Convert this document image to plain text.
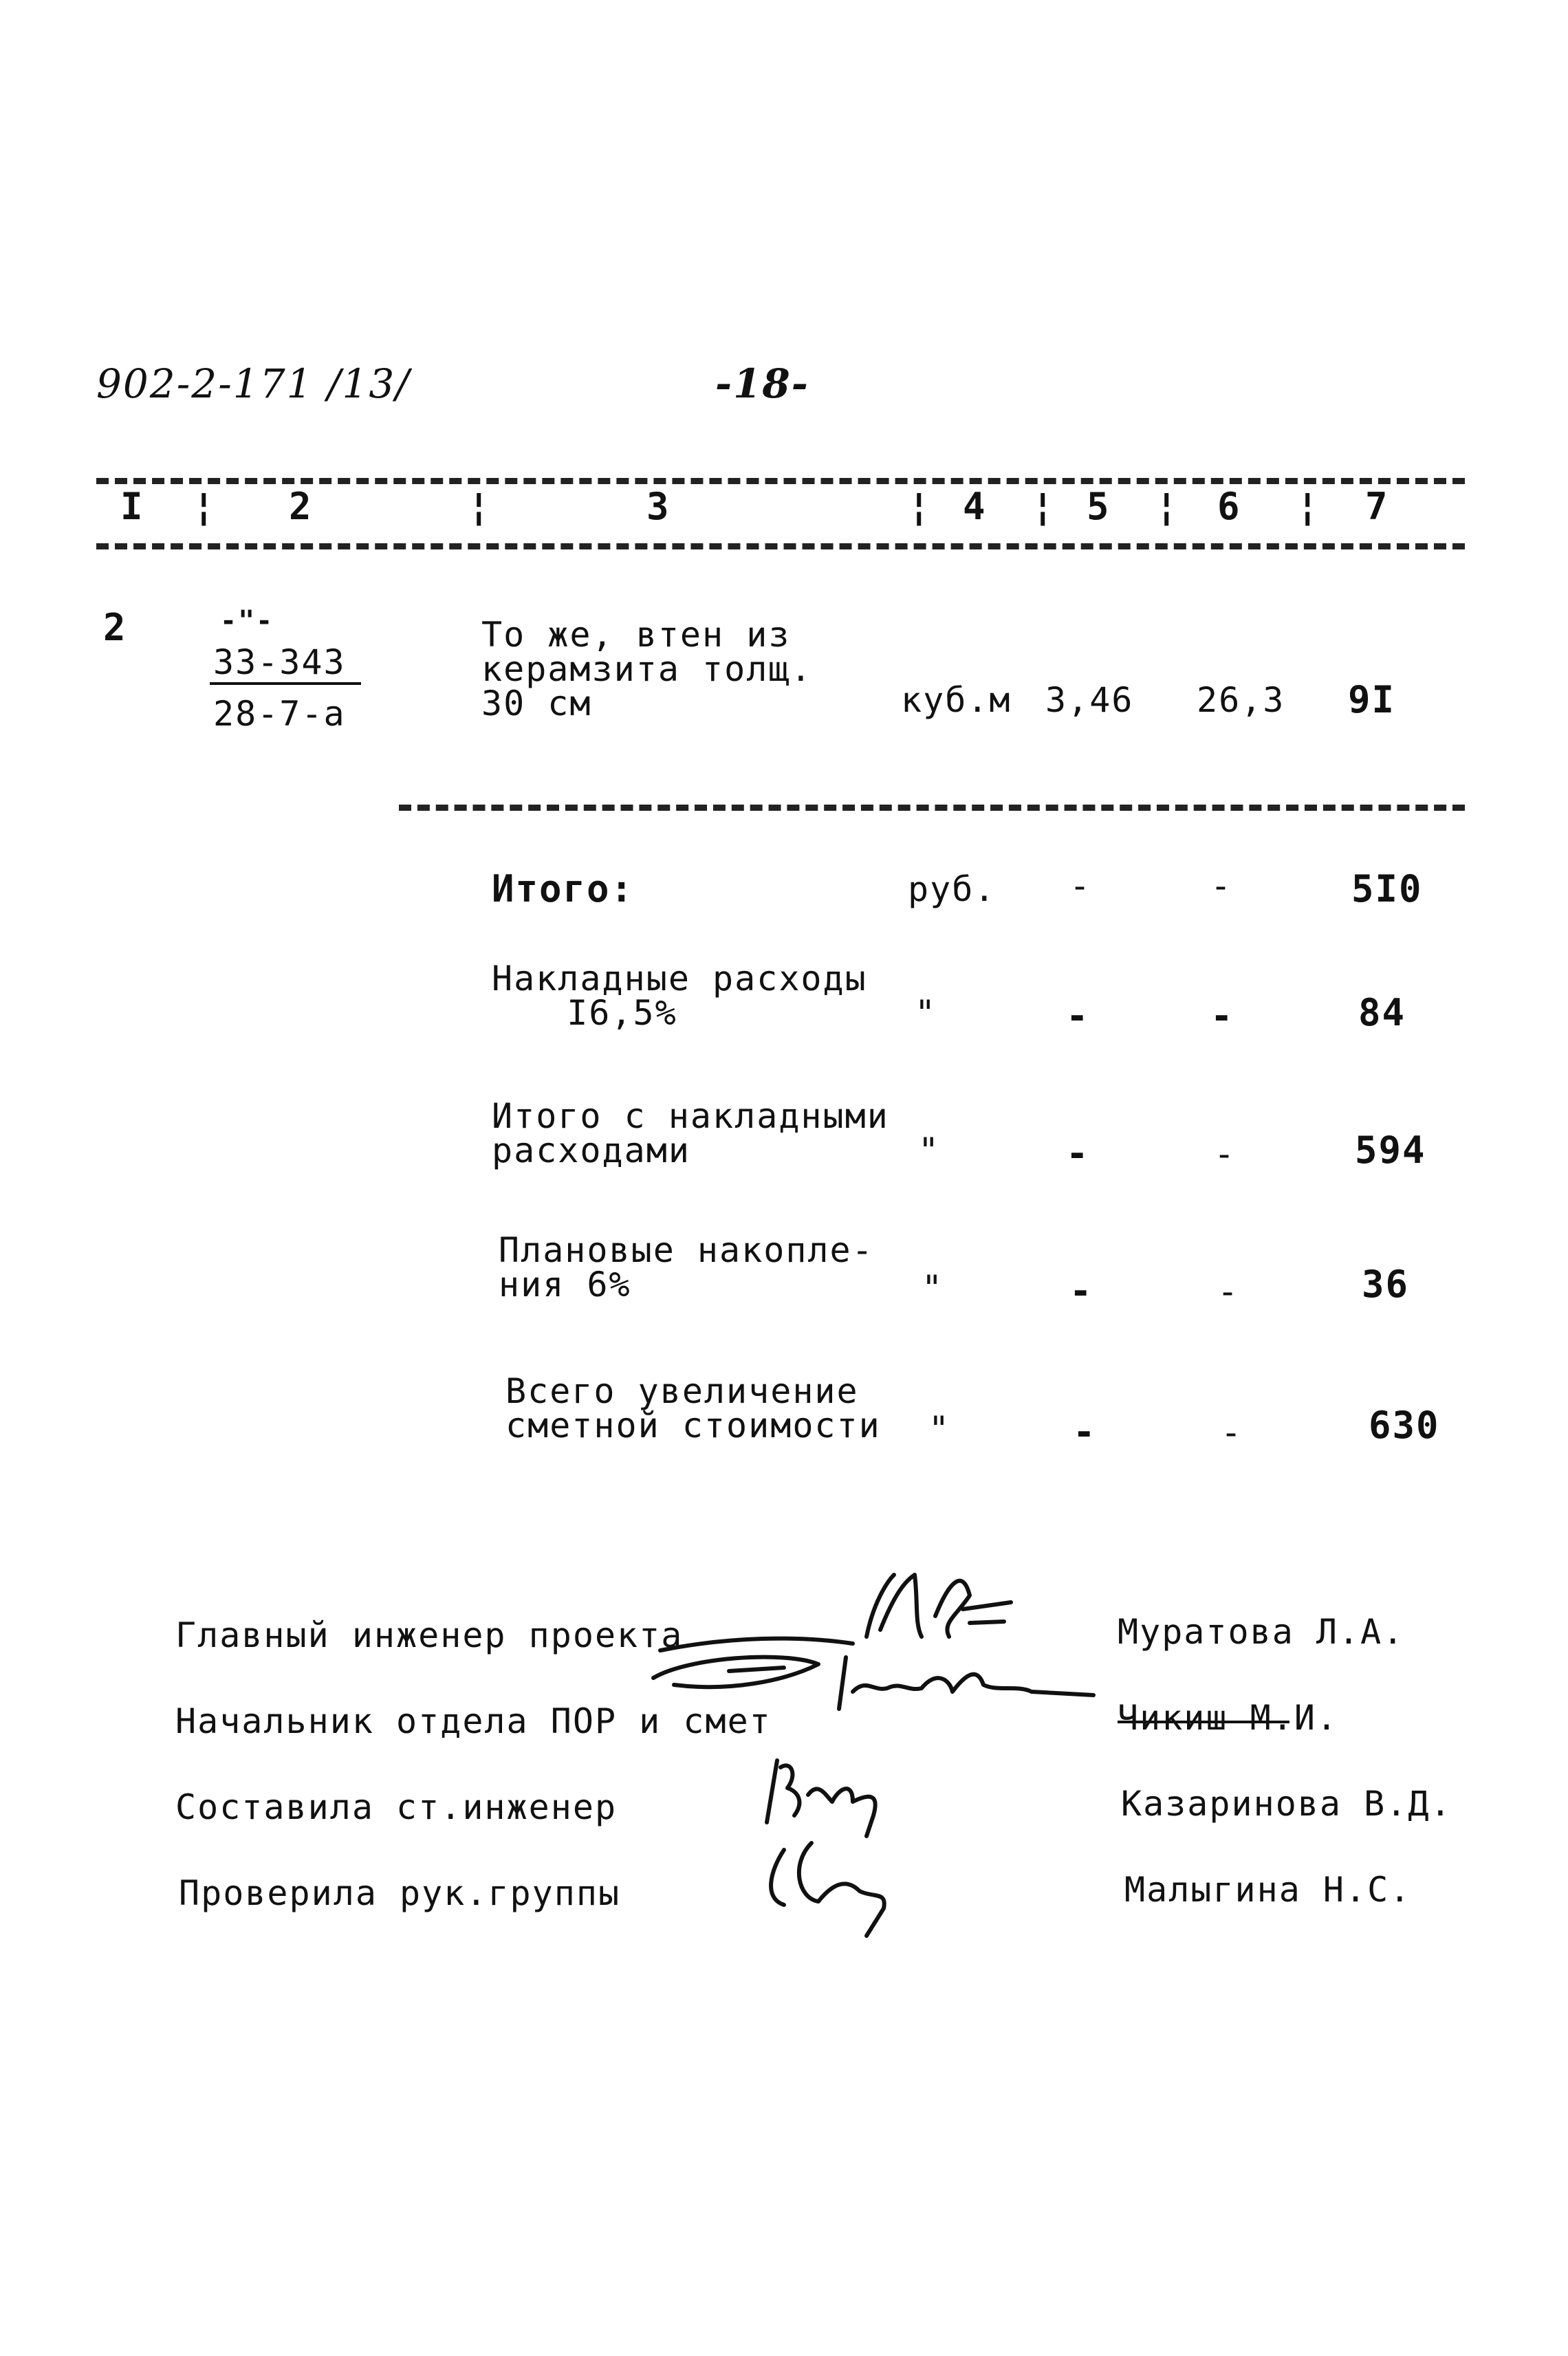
902-2-171 /13/	-18-
I ¦ 2	¦	3	¦ 4 ¦ 5 ¦ 6 ¦ 7
2	-"-
33-343
28-7-a
То же, втен из
керамзита толщ.
30 см	куб.м 3,46 26,3 9I
Итого:	руб. -	-	5I0
Накладные расходы
I6,5%	"	-	-	84
Итого с накладными
расходами	"	-	-	594
Плановые накопле-
ния 6%	"	-	-	36
Всего увеличение
сметной стоимости "	-	-	630
Главный инженер проекта	Муратова Л.А.
Начальник отдела ПОР и смет	Чикиш М.И.
Составила ст.инженер	Казаринова В.Д.
Проверила рук.группы	Малыгина Н.С.
